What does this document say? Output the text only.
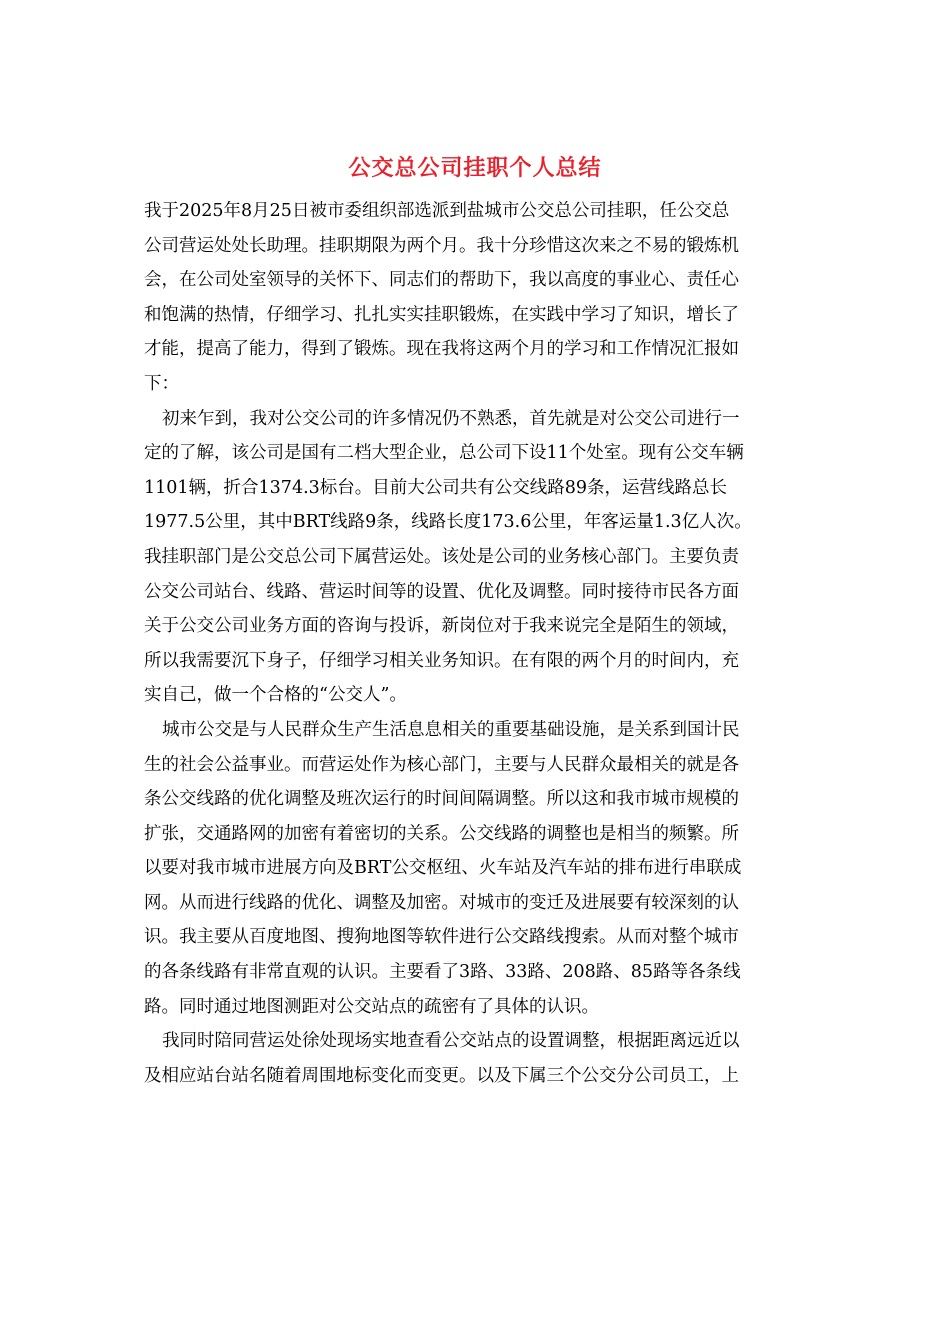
公交总公司挂职个人总结
我于2025年8月25日被市委组织部选派到盐城市公交总公司挂职，任公交总
公司营运处处长助理。挂职期限为两个月。我十分珍惜这次来之不易的锻炼机
会，在公司处室领导的关怀下、同志们的帮助下，我以高度的事业心、责任心
和饱满的热情，仔细学习、扎扎实实挂职锻炼，在实践中学习了知识，增长了
才能，提高了能力，得到了锻炼。现在我将这两个月的学习和工作情况汇报如
下：
初来乍到，我对公交公司的许多情况仍不熟悉，首先就是对公交公司进行一
定的了解，该公司是国有二档大型企业，总公司下设11个处室。现有公交车辆
1101辆，折合1374.3标台。目前大公司共有公交线路89条，运营线路总长
1977.5公里，其中BRT线路9条，线路长度173.6公里，年客运量1.3亿人次。
我挂职部门是公交总公司下属营运处。该处是公司的业务核心部门。主要负责
公交公司站台、线路、营运时间等的设置、优化及调整。同时接待市民各方面
关于公交公司业务方面的咨询与投诉，新岗位对于我来说完全是陌生的领域，
所以我需要沉下身子，仔细学习相关业务知识。在有限的两个月的时间内，充
实自己，做一个合格的“公交人”。
城市公交是与人民群众生产生活息息相关的重要基础设施，是关系到国计民
生的社会公益事业。而营运处作为核心部门，主要与人民群众最相关的就是各
条公交线路的优化调整及班次运行的时间间隔调整。所以这和我市城市规模的
扩张，交通路网的加密有着密切的关系。公交线路的调整也是相当的频繁。所
以要对我市城市进展方向及BRT公交枢纽、火车站及汽车站的排布进行串联成
网。从而进行线路的优化、调整及加密。对城市的变迁及进展要有较深刻的认
识。我主要从百度地图、搜狗地图等软件进行公交路线搜索。从而对整个城市
的各条线路有非常直观的认识。主要看了3路、33路、208路、85路等各条线
路。同时通过地图测距对公交站点的疏密有了具体的认识。
我同时陪同营运处徐处现场实地查看公交站点的设置调整，根据距离远近以
及相应站台站名随着周围地标变化而变更。以及下属三个公交分公司员工，上
